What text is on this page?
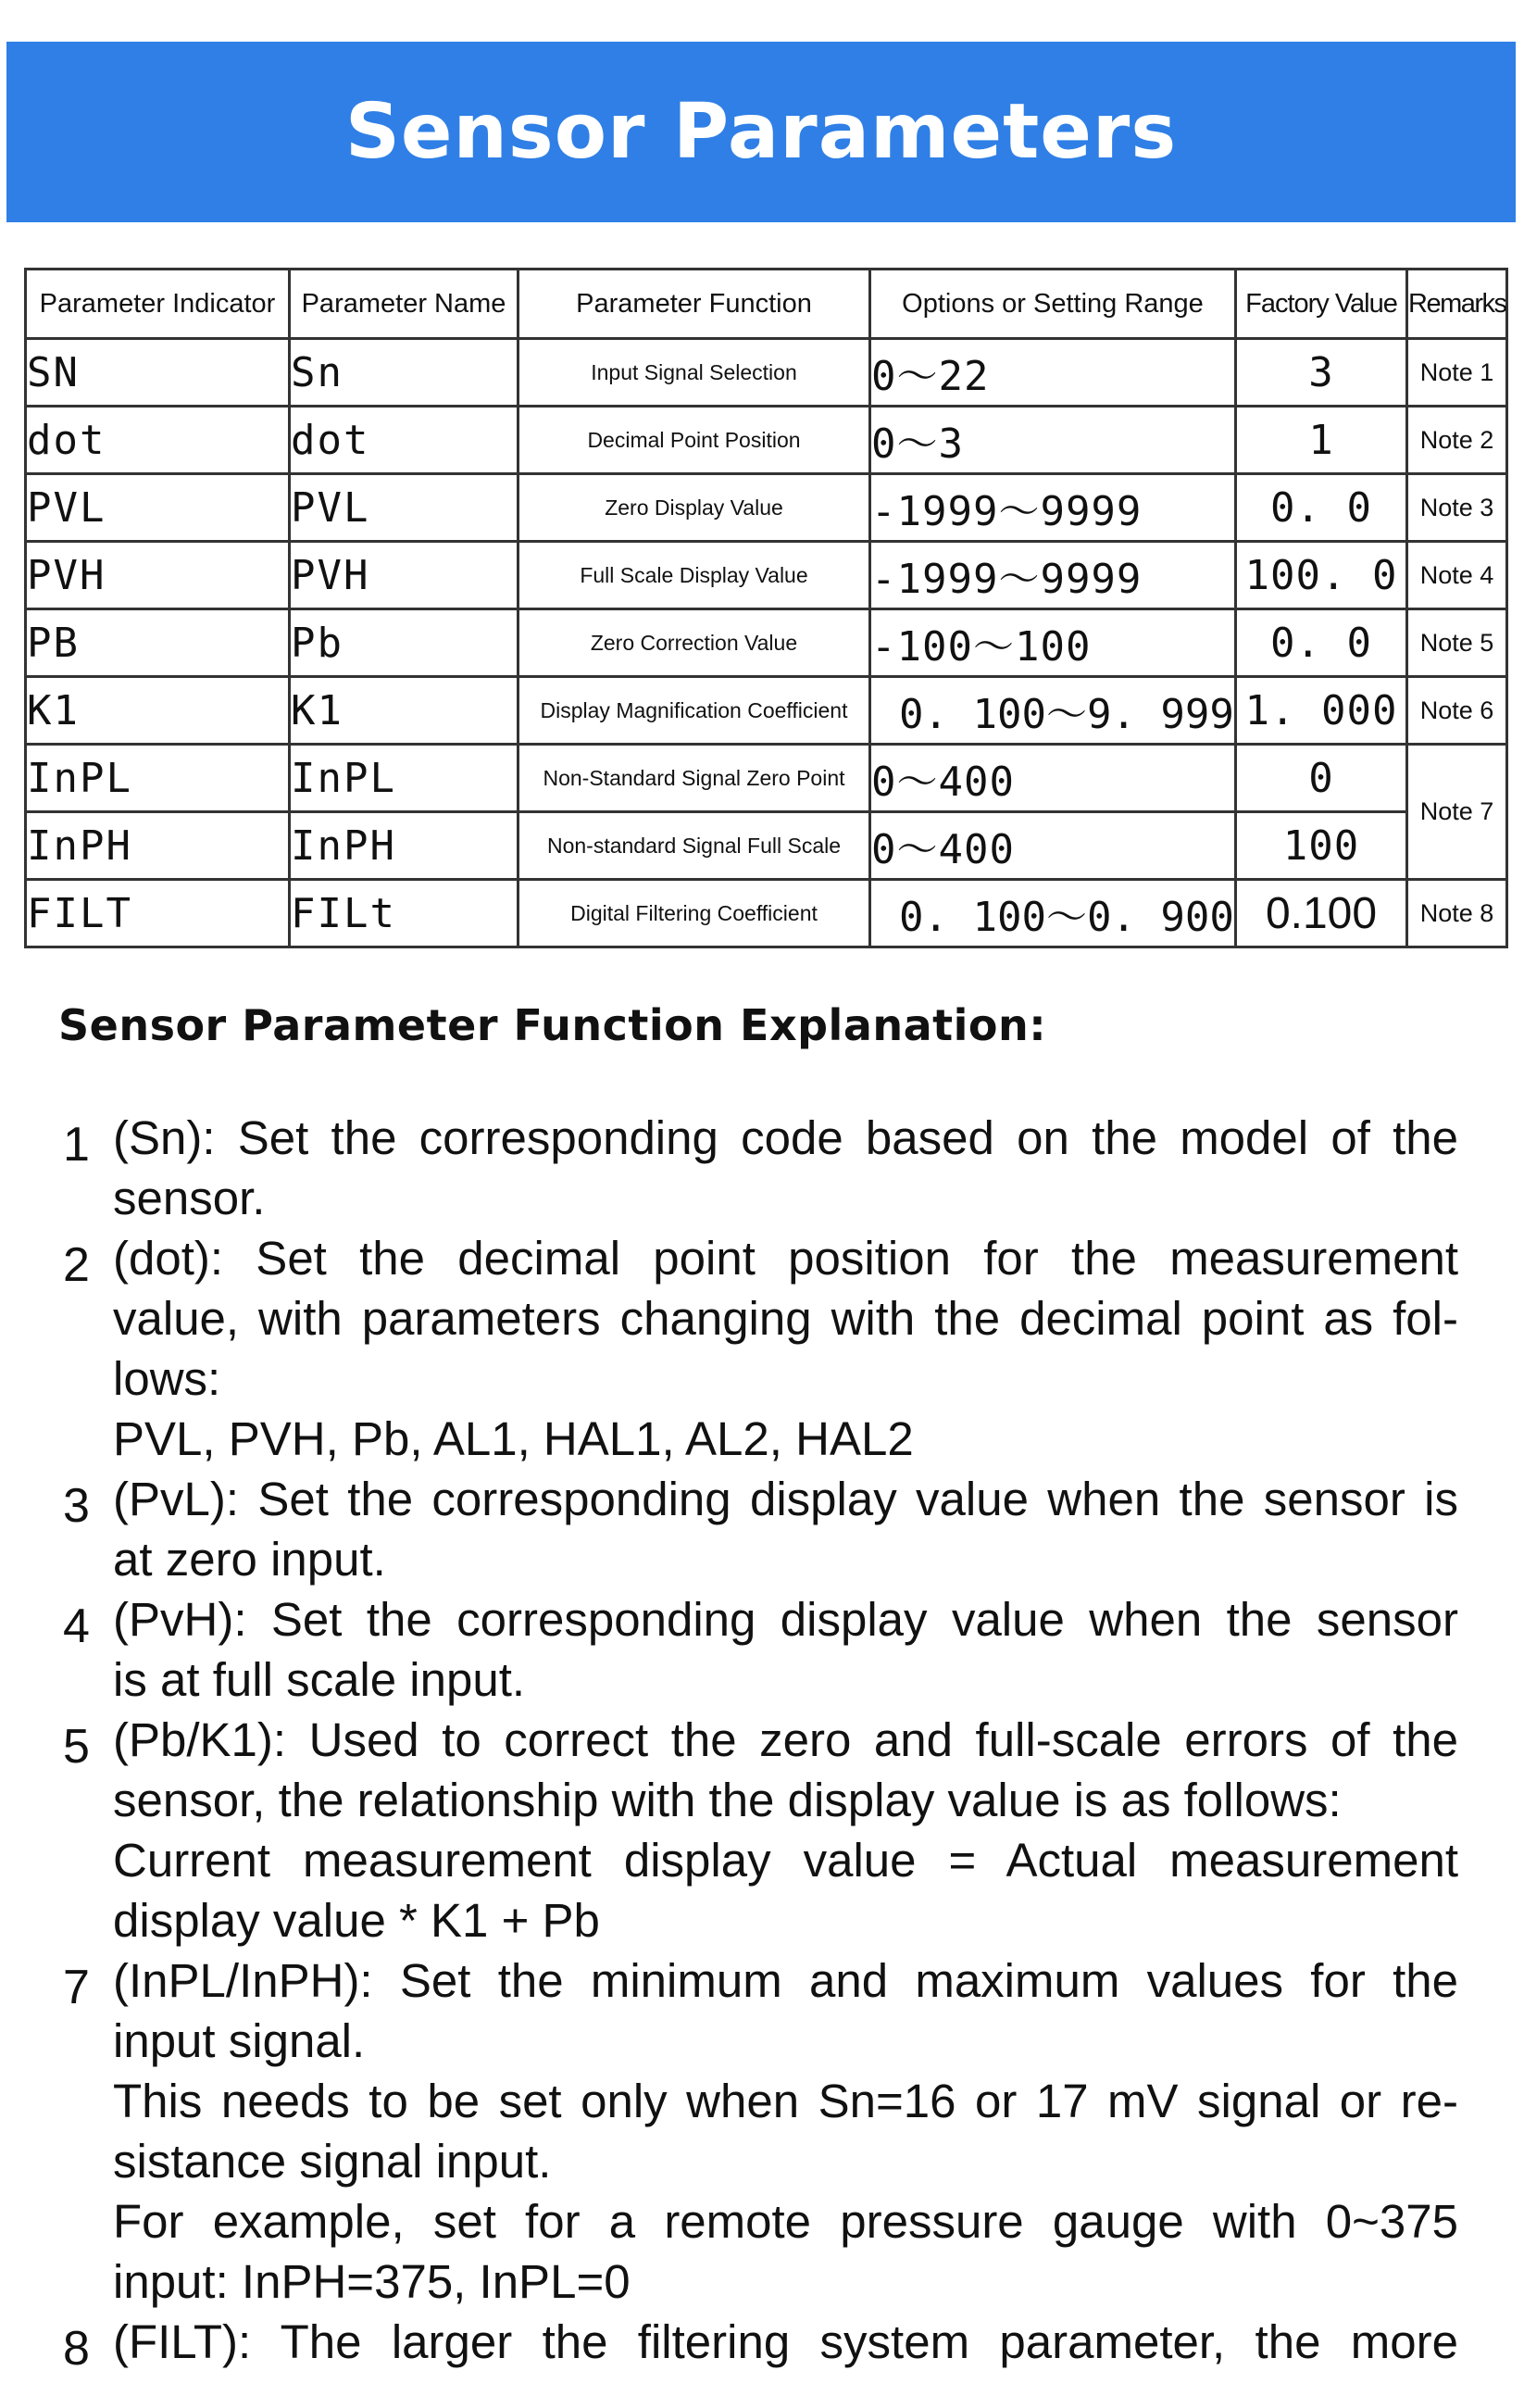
Sensor Parameters
Parameter Indicator	Parameter Name	Parameter Function	Options or Setting Range	Factory Value	Remarks
SN	Sn	Input Signal Selection	0～22	3	Note 1
dot	dot	Decimal Point Position	0～3	1	Note 2
PVL	PVL	Zero Display Value	-1999～9999	0. 0	Note 3
PVH	PVH	Full Scale Display Value	-1999～9999	100. 0	Note 4
PB	Pb	Zero Correction Value	-100～100	0. 0	Note 5
K1	K1	Display Magnification Coefficient	0. 100～9. 999	1. 000	Note 6
InPL	InPL	Non-Standard Signal Zero Point	0～400	0	Note 7
InPH	InPH	Non-standard Signal Full Scale	0～400	100	
FILT	FILt	Digital Filtering Coefficient	0. 100～0. 900	0.100	Note 8
Sensor Parameter Function Explanation:
1 (Sn): Set the corresponding code based on the model of the
sensor.
2 (dot): Set the decimal point position for the measurement
value, with parameters changing with the decimal point as fol-
lows:
PVL, PVH, Pb, AL1, HAL1, AL2, HAL2
3 (PvL): Set the corresponding display value when the sensor is
at zero input.
4 (PvH): Set the corresponding display value when the sensor
is at full scale input.
5 (Pb/K1): Used to correct the zero and full-scale errors of the
sensor, the relationship with the display value is as follows:
Current measurement display value = Actual measurement
display value * K1 + Pb
7 (InPL/InPH): Set the minimum and maximum values for the
input signal.
This needs to be set only when Sn=16 or 17 mV signal or re-
sistance signal input.
For example, set for a remote pressure gauge with 0~375
input: InPH=375, InPL=0
8 (FILT): The larger the filtering system parameter, the more
